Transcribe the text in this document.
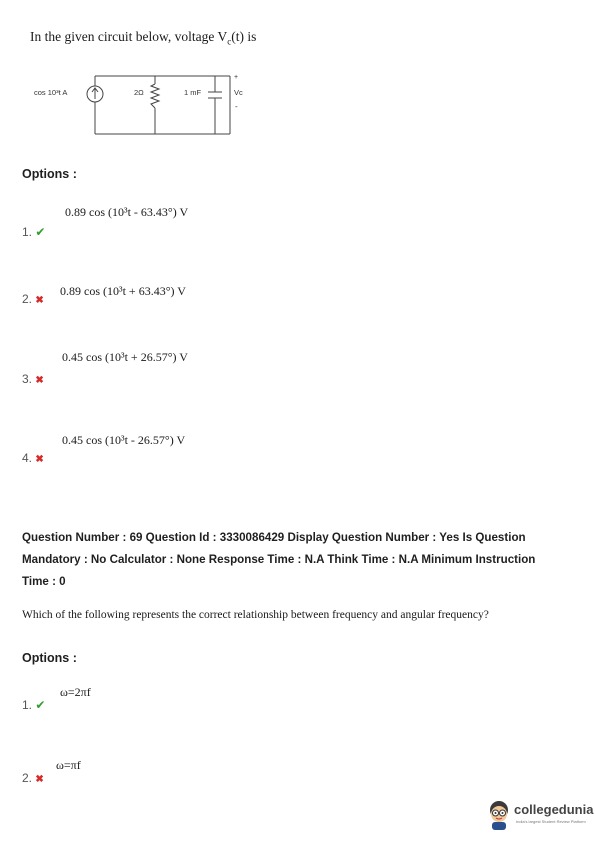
In the given circuit below, voltage $V_c(t)$ is
cos 10³t A	2Ω	1 mF
+
Vc
-
Options :
0.89 cos (10³t - 63.43°) V
1. ✔
0.89 cos (10³t + 63.43°) V
2. ✖
0.45 cos (10³t + 26.57°) V
3. ✖
0.45 cos (10³t - 26.57°) V
4. ✖
Question Number : 69 Question Id : 3330086429 Display Question Number : Yes Is Question
Mandatory : No Calculator : None Response Time : N.A Think Time : N.A Minimum Instruction
Time : 0
Which of the following represents the correct relationship between frequency and angular frequency?
Options :
ω=2πf
1. ✔
ω=πf
2. ✖
collegedunia
India's largest Student Review Platform
